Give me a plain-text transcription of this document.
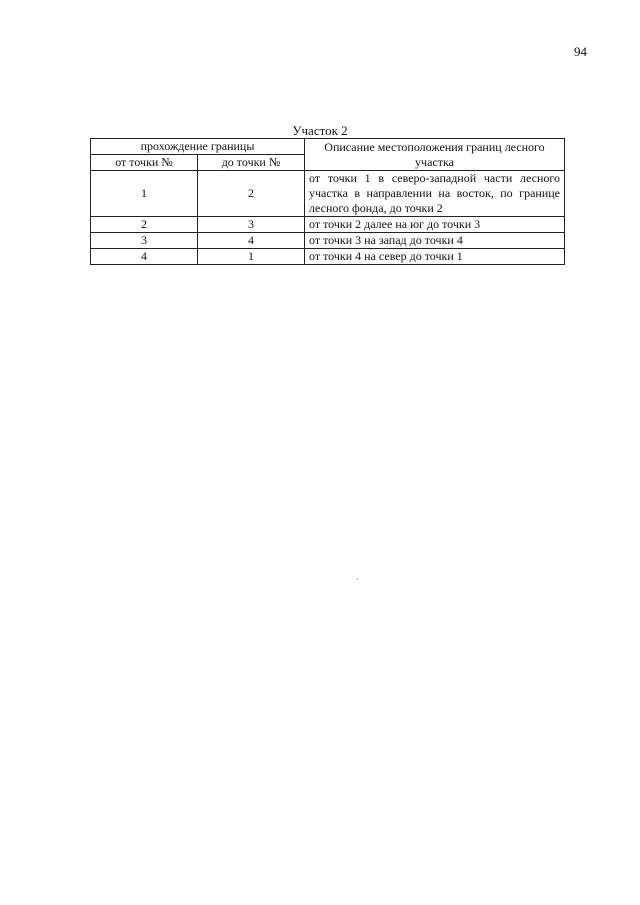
94
Участок 2
прохождение границы		Описание местоположения границ лесного участка
от точки №	до точки №	
1	2	от точки 1 в северо-западной части лесного участка в направлении на восток, по границе лесного фонда, до точки 2
2	3	от точки 2 далее на юг до точки 3
3	4	от точки 3 на запад до точки 4
4	1	от точки 4 на север до точки 1
